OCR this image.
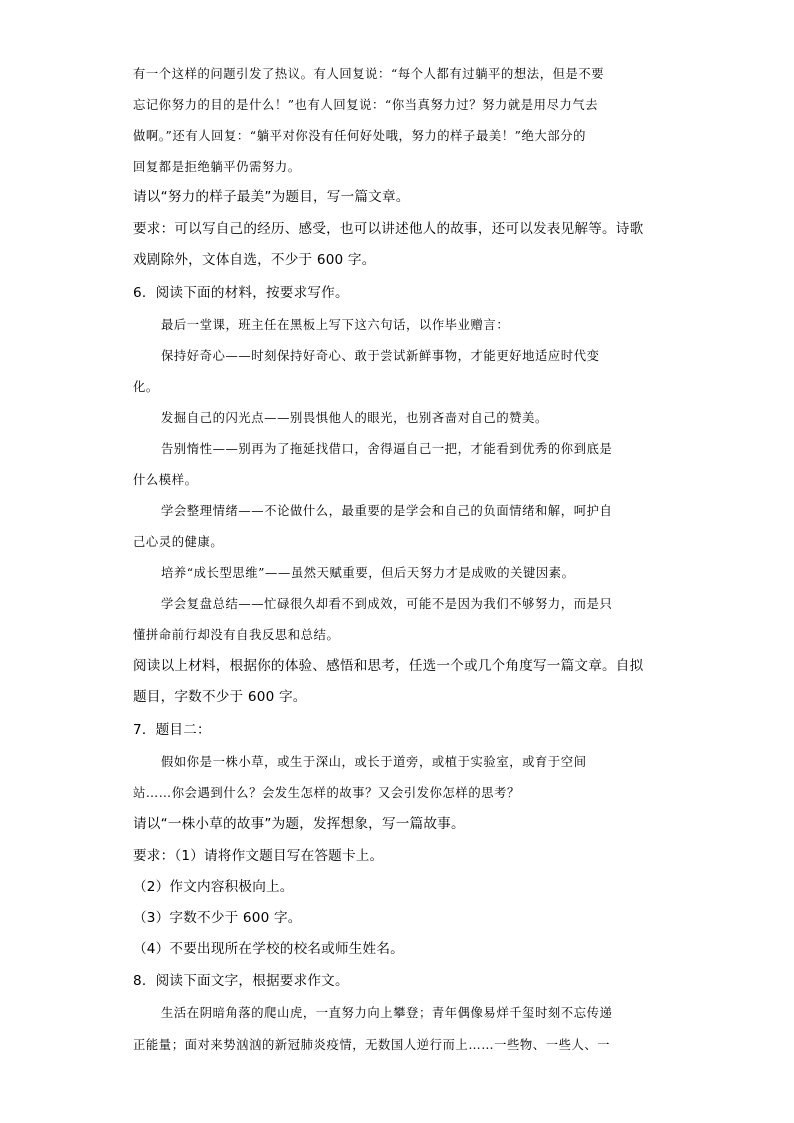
有一个这样的问题引发了热议。有人回复说：“每个人都有过躺平的想法，但是不要
忘记你努力的目的是什么！”也有人回复说：“你当真努力过？努力就是用尽力气去
做啊。”还有人回复：“躺平对你没有任何好处哦，努力的样子最美！”绝大部分的
回复都是拒绝躺平仍需努力。
请以“努力的样子最美”为题目，写一篇文章。
要求：可以写自己的经历、感受，也可以讲述他人的故事，还可以发表见解等。诗歌
戏剧除外，文体自选，不少于 600 字。
6．阅读下面的材料，按要求写作。
最后一堂课，班主任在黑板上写下这六句话，以作毕业赠言：
保持好奇心——时刻保持好奇心、敢于尝试新鲜事物，才能更好地适应时代变
化。
发掘自己的闪光点——别畏惧他人的眼光，也别吝啬对自己的赞美。
告别惰性——别再为了拖延找借口，舍得逼自己一把，才能看到优秀的你到底是
什么模样。
学会整理情绪——不论做什么，最重要的是学会和自己的负面情绪和解，呵护自
己心灵的健康。
培养“成长型思维”——虽然天赋重要，但后天努力才是成败的关键因素。
学会复盘总结——忙碌很久却看不到成效，可能不是因为我们不够努力，而是只
懂拼命前行却没有自我反思和总结。
阅读以上材料，根据你的体验、感悟和思考，任选一个或几个角度写一篇文章。自拟
题目，字数不少于 600 字。
7．题目二：
假如你是一株小草，或生于深山，或长于道旁，或植于实验室，或育于空间
站……你会遇到什么？会发生怎样的故事？又会引发你怎样的思考？
请以“一株小草的故事”为题，发挥想象，写一篇故事。
要求：（1）请将作文题目写在答题卡上。
（2）作文内容积极向上。
（3）字数不少于 600 字。
（4）不要出现所在学校的校名或师生姓名。
8．阅读下面文字，根据要求作文。
生活在阴暗角落的爬山虎，一直努力向上攀登；青年偶像易烊千玺时刻不忘传递
正能量；面对来势汹汹的新冠肺炎疫情，无数国人逆行而上……一些物、一些人、一
